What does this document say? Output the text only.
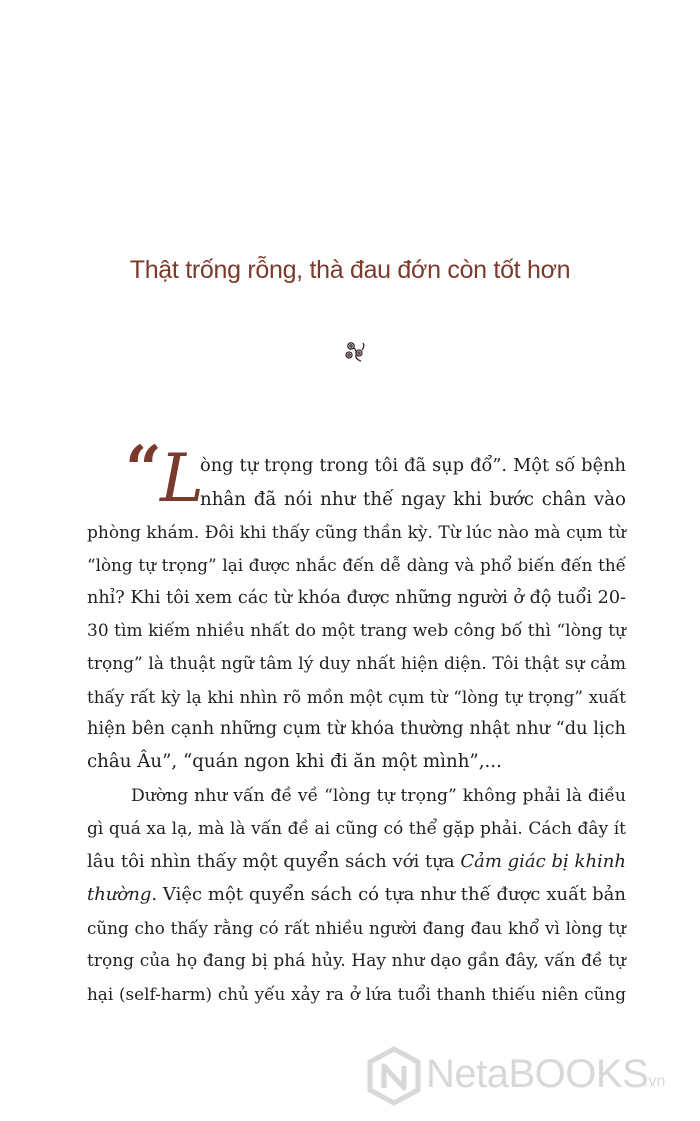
Thật trống rỗng, thà đau đớn còn tốt hơn
“
L
òng tự trọng trong tôi đã sụp đổ”. Một số bệnh
nhân đã nói như thế ngay khi bước chân vào
phòng khám. Đôi khi thấy cũng thần kỳ. Từ lúc nào mà cụm từ
“lòng tự trọng” lại được nhắc đến dễ dàng và phổ biến đến thế
nhỉ? Khi tôi xem các từ khóa được những người ở độ tuổi 20-
30 tìm kiếm nhiều nhất do một trang web công bố thì “lòng tự
trọng” là thuật ngữ tâm lý duy nhất hiện diện. Tôi thật sự cảm
thấy rất kỳ lạ khi nhìn rõ mồn một cụm từ “lòng tự trọng” xuất
hiện bên cạnh những cụm từ khóa thường nhật như “du lịch
châu Âu”, “quán ngon khi đi ăn một mình”,...
Dường như vấn đề về “lòng tự trọng” không phải là điều
gì quá xa lạ, mà là vấn đề ai cũng có thể gặp phải. Cách đây ít
lâu tôi nhìn thấy một quyển sách với tựa Cảm giác bị khinh
thường. Việc một quyển sách có tựa như thế được xuất bản
cũng cho thấy rằng có rất nhiều người đang đau khổ vì lòng tự
trọng của họ đang bị phá hủy. Hay như dạo gần đây, vấn đề tự
hại (self-harm) chủ yếu xảy ra ở lứa tuổi thanh thiếu niên cũng
NetaBOOKS
.vn
